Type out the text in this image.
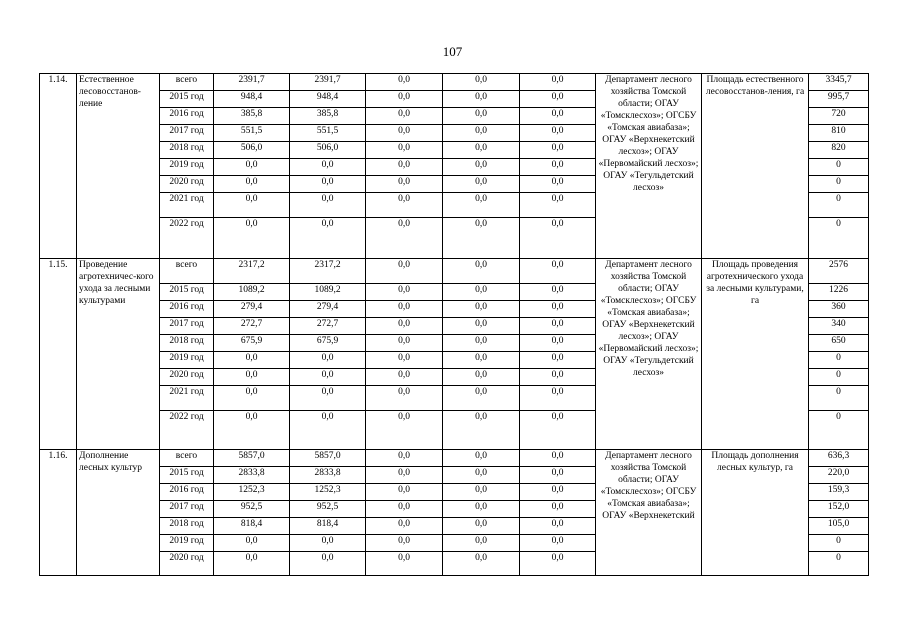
107
1.14.	Естественное лесовосстанов-ление	всего	2391,7	2391,7	0,0	0,0	0,0	Департамент лесного хозяйства Томской области; ОГАУ «Томсклесхоз»; ОГСБУ «Томская авиабаза»; ОГАУ «Верхнекетский лесхоз»; ОГАУ «Первомайский лесхоз»; ОГАУ «Тегульдетский лесхоз»	Площадь естественного лесовосстанов-ления, га	3345,7
		2015 год	948,4	948,4	0,0	0,0	0,0			995,7
		2016 год	385,8	385,8	0,0	0,0	0,0			720
		2017 год	551,5	551,5	0,0	0,0	0,0			810
		2018 год	506,0	506,0	0,0	0,0	0,0			820
		2019 год	0,0	0,0	0,0	0,0	0,0			0
		2020 год	0,0	0,0	0,0	0,0	0,0			0
		2021 год	0,0	0,0	0,0	0,0	0,0			0
		2022 год	0,0	0,0	0,0	0,0	0,0			0
1.15.	Проведение агротехничес-кого ухода за лесными культурами	всего	2317,2	2317,2	0,0	0,0	0,0	Департамент лесного хозяйства Томской области; ОГАУ «Томсклесхоз»; ОГСБУ «Томская авиабаза»; ОГАУ «Верхнекетский лесхоз»; ОГАУ «Первомайский лесхоз»; ОГАУ «Тегульдетский лесхоз»	Площадь проведения агротехнического ухода за лесными культурами, га	2576
		2015 год	1089,2	1089,2	0,0	0,0	0,0			1226
		2016 год	279,4	279,4	0,0	0,0	0,0			360
		2017 год	272,7	272,7	0,0	0,0	0,0			340
		2018 год	675,9	675,9	0,0	0,0	0,0			650
		2019 год	0,0	0,0	0,0	0,0	0,0			0
		2020 год	0,0	0,0	0,0	0,0	0,0			0
		2021 год	0,0	0,0	0,0	0,0	0,0			0
		2022 год	0,0	0,0	0,0	0,0	0,0			0
1.16.	Дополнение лесных культур	всего	5857,0	5857,0	0,0	0,0	0,0	Департамент лесного хозяйства Томской области; ОГАУ «Томсклесхоз»; ОГСБУ «Томская авиабаза»; ОГАУ «Верхнекетский	Площадь дополнения лесных культур, га	636,3
		2015 год	2833,8	2833,8	0,0	0,0	0,0			220,0
		2016 год	1252,3	1252,3	0,0	0,0	0,0			159,3
		2017 год	952,5	952,5	0,0	0,0	0,0			152,0
		2018 год	818,4	818,4	0,0	0,0	0,0			105,0
		2019 год	0,0	0,0	0,0	0,0	0,0			0
		2020 год	0,0	0,0	0,0	0,0	0,0			0
